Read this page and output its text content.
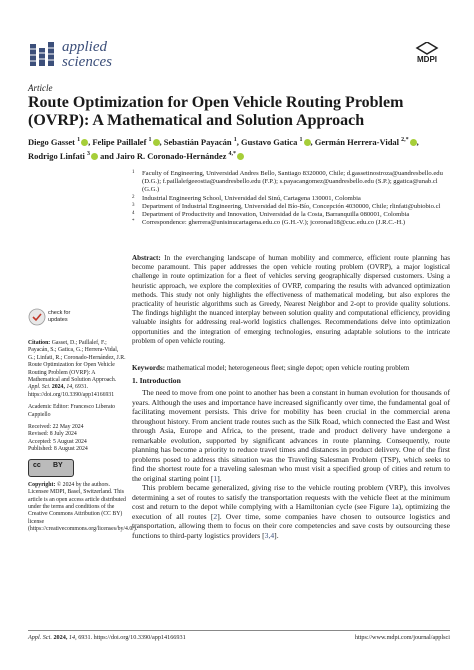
applied
sciences	MDPI
Article
Route Optimization for Open Vehicle Routing Problem (OVRP): A Mathematical and Solution Approach
Diego Gasset $^1$ , Felipe Paillalef $^1$ , Sebastián Payacán $^1$, Gustavo Gatica $^1$ , Germán Herrera-Vidal $^{2,*}$ ,
Rodrigo Linfati $^3$ and Jairo R. Coronado-Hernández $^{4,*}$
1 Faculty of Engineering, Universidad Andres Bello, Santiago 8320000, Chile; d.gassetinostroza@uandresbello.edu (D.G.); f.paillalefgeeostia@uandresbello.edu (F.P.); s.payacangomez@uandresbello.edu (S.P.); ggatica@unab.cl (G.G.)
2 Industrial Engineering School, Universidad del Sinú, Cartagena 130001, Colombia
3 Department of Industrial Engineering, Universidad del Bío-Bío, Concepción 4030000, Chile; rlinfati@ubiobio.cl
4 Department of Productivity and Innovation, Universidad de la Costa, Barranquilla 080001, Colombia
* Correspondence: gherrera@unisinucartagena.edu.co (G.H.-V.); jcoronad18@cuc.edu.co (J.R.C.-H.)
Abstract: In the everchanging landscape of human mobility and commerce, efficient route planning has become paramount. This paper addresses the open vehicle routing problem (OVRP), a major logistical challenge in route optimization for a fleet of vehicles serving geographically dispersed customers. Using a heuristic approach, we explore the complexities of OVRP, comparing the results with advanced optimization methods. This study not only highlights the effectiveness of mathematical modeling, but also explores the practicality of heuristic algorithms such as Greedy, Nearest Neighbor and 2-opt to provide quality solutions. The findings highlight the nuanced interplay between solution quality and computational efficiency, providing valuable insights for addressing real-world logistics challenges. Recommendations delve into optimization opportunities and the integration of emerging technologies, ensuring adaptable solutions to the intricate problem of open vehicle routing.
Keywords: mathematical model; heterogeneous fleet; single depot; open vehicle routing problem
check for
updates
Citation: Gasset, D.; Paillalef, F.; Payacán, S.; Gatica, G.; Herrera-Vidal, G.; Linfati, R.; Coronado-Hernández, J.R. Route Optimization for Open Vehicle Routing Problem (OVRP): A Mathematical and Solution Approach. Appl. Sci. 2024, 14, 6931. https://doi.org/10.3390/app14166931
Academic Editor: Francesco Liberato Cappiello
Received: 22 May 2024
Revised: 8 July 2024
Accepted: 5 August 2024
Published: 8 August 2024
cc BY
Copyright: © 2024 by the authors. Licensee MDPI, Basel, Switzerland. This article is an open access article distributed under the terms and conditions of the Creative Commons Attribution (CC BY) license (https://creativecommons.org/licenses/by/4.0/).
1. Introduction

The need to move from one point to another has been a constant in human evolution for thousands of years. Although the uses and importance have increased significantly over time, the fundamental goal of facilitating movement persists. This drive for mobility has been crucial in the commercial arena throughout history. From ancient trade routes such as the Silk Road, which connected the East and West through Asia, Europe and Africa, to the present, trade and product delivery have undergone a remarkable evolution, supported by significant advances in route planning. Consequently, route planning has become a priority to reduce travel times and distances in product delivery. One of the first problems posed to address this situation was the Traveling Salesman Problem (TSP), which seeks to find the shortest route for a traveling salesman who must visit a specified group of cities and return to the original starting point [1].

This problem became generalized, giving rise to the vehicle routing problem (VRP), this involves determining a set of routes to satisfy the transportation requests with the vehicle fleet at the minimum cost and return to the depot while complying with a Hamiltonian cycle (see Figure 1a), optimizing the execution of all routes [2]. Over time, some companies have chosen to outsource logistics and transportation, allowing them to focus on their core competencies and save costs by outsourcing these functions to third-party logistics providers [3,4].

Appl. Sci. 2024, 14, 6931. https://doi.org/10.3390/app14166931	https://www.mdpi.com/journal/applsci
